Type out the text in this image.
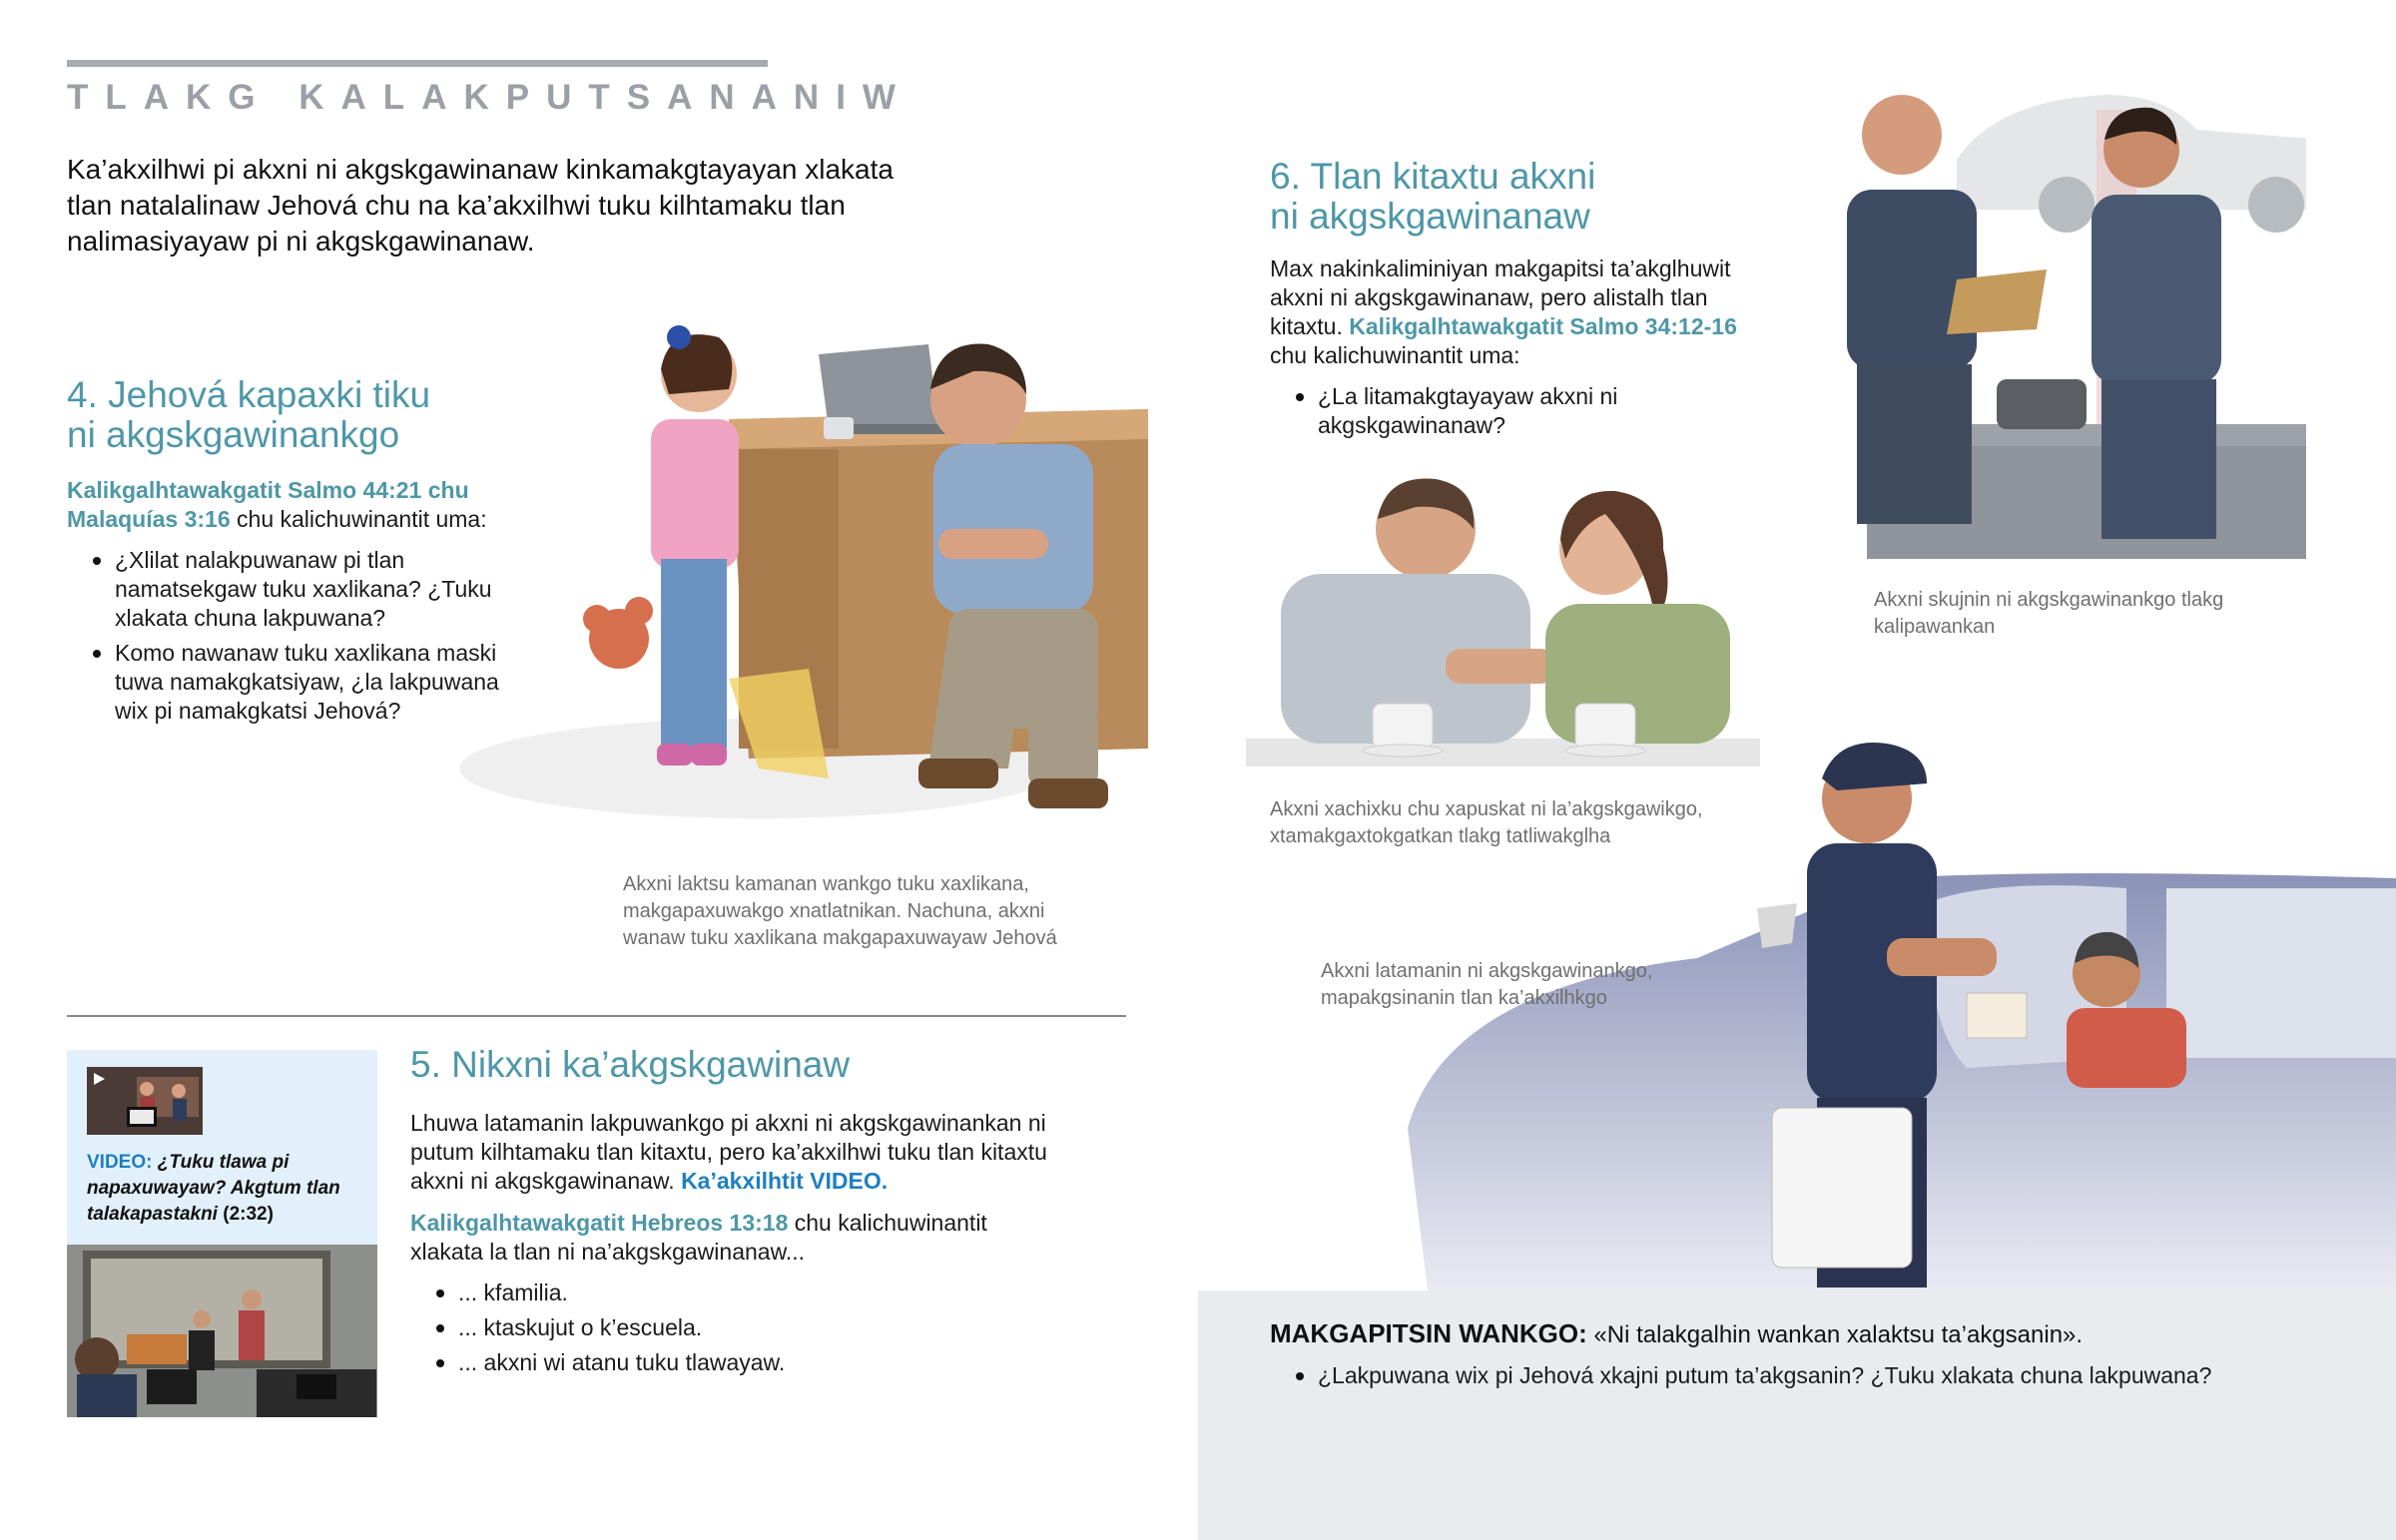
TLAKG KALAKPUTSANANIW
Ka’akxilhwi pi akxni ni akgskgawinanaw kinkamakgtayayan xlakata tlan natalalinaw Jehová chu na ka’akxilhwi tuku kilhtamaku tlan nalimasiyayaw pi ni akgskgawinanaw.
4. Jehová kapaxki tiku
ni akgskgawinankgo
Kalikgalhtawakgatit Salmo 44:21 chu Malaquías 3:16 chu kalichuwinantit uma:
¿Xlilat nalakpuwanaw pi tlan namatsekgaw tuku xaxlikana? ¿Tuku xlakata chuna lakpuwana?
Komo nawanaw tuku xaxlikana maski tuwa namakgkatsiyaw, ¿la lakpuwana wix pi namakgkatsi Jehová?
Akxni laktsu kamanan wankgo tuku xaxlikana, makgapaxuwakgo xnatlatnikan. Nachuna, akxni wanaw tuku xaxlikana makgapaxuwayaw Jehová
VIDEO: ¿Tuku tlawa pi napaxuwayaw? Akgtum tlan talakapastakni (2:32)
5. Nikxni ka’akgskgawinaw
Lhuwa latamanin lakpuwankgo pi akxni ni akgskgawinankan ni putum kilhtamaku tlan kitaxtu, pero ka’akxilhwi tuku tlan kitaxtu akxni ni akgskgawinanaw. Ka’akxilhtit VIDEO.
Kalikgalhtawakgatit Hebreos 13:18 chu kalichuwinantit xlakata la tlan ni na’akgskgawinanaw...
... kfamilia.
... ktaskujut o k’escuela.
... akxni wi atanu tuku tlawayaw.
6. Tlan kitaxtu akxni
ni akgskgawinanaw
Max nakinkaliminiyan makgapitsi ta’akglhuwit akxni ni akgskgawinanaw, pero alistalh tlan kitaxtu. Kalikgalhtawakgatit Salmo 34:12-16 chu kalichuwinantit uma:
¿La litamakgtayayaw akxni ni akgskgawinanaw?
Akxni skujnin ni akgskgawinankgo tlakg kalipawankan
Akxni xachixku chu xapuskat ni la’akgskgawikgo, xtamakgaxtokgatkan tlakg tatliwakglha
Akxni latamanin ni akgskgawinankgo, mapakgsinanin tlan ka’akxilhkgo
MAKGAPITSIN WANKGO: «Ni talakgalhin wankan xalaktsu ta’akgsanin».
¿Lakpuwana wix pi Jehová xkajni putum ta’akgsanin? ¿Tuku xlakata chuna lakpuwana?
